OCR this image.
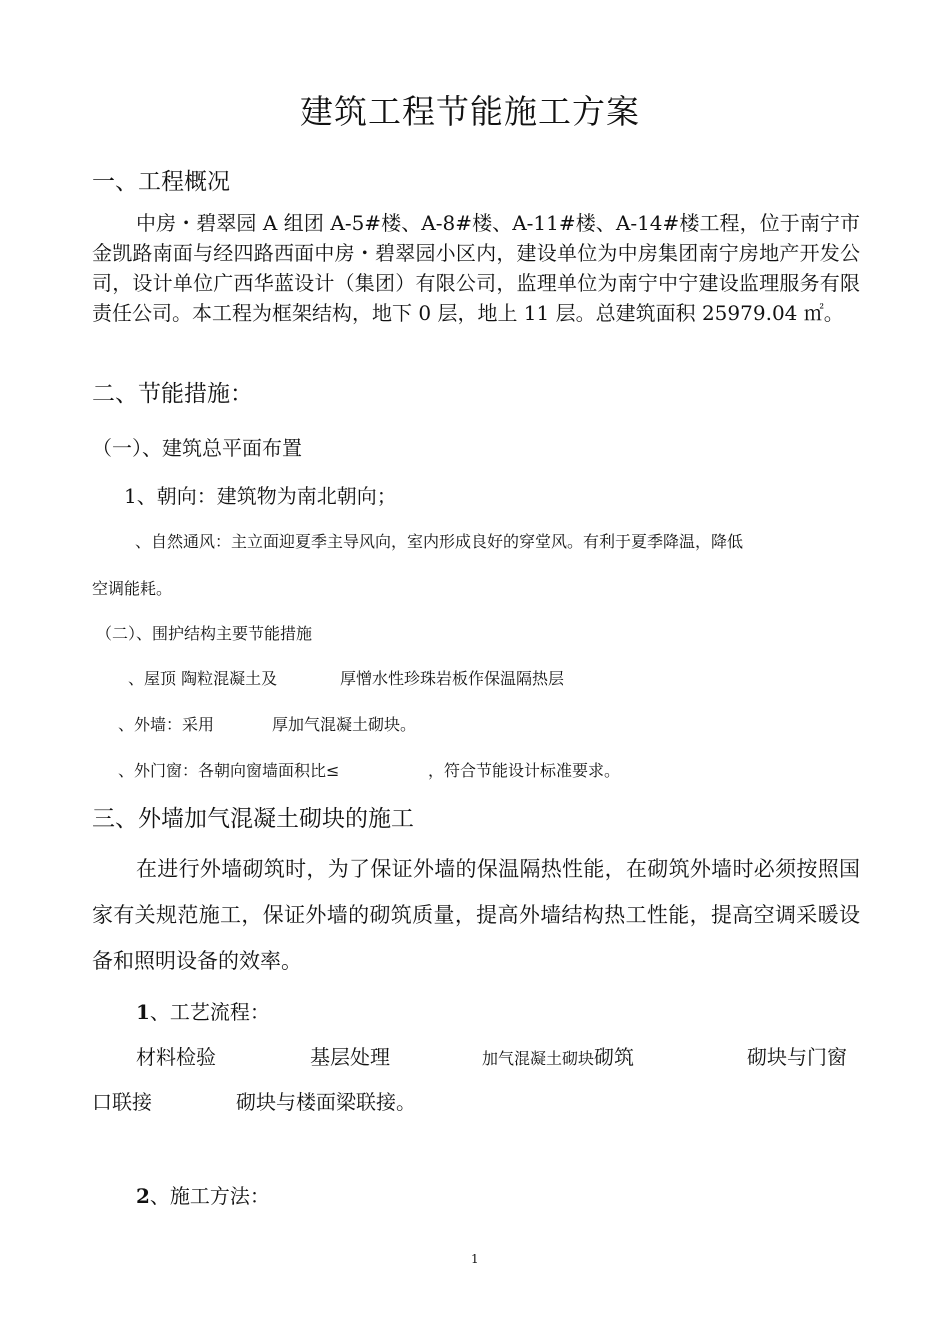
建筑工程节能施工方案
一、工程概况
中房・碧翠园 A 组团 A-5#楼、A-8#楼、A-11#楼、A-14#楼工程，位于南宁市金凯路南面与经四路西面中房・碧翠园小区内，建设单位为中房集团南宁房地产开发公司，设计单位广西华蓝设计（集团）有限公司，监理单位为南宁中宁建设监理服务有限责任公司。本工程为框架结构，地下 0 层，地上 11 层。总建筑面积 25979.04 ㎡。
二、节能措施：
（一）、建筑总平面布置
1、朝向：建筑物为南北朝向；
、自然通风：主立面迎夏季主导风向，室内形成良好的穿堂风。有利于夏季降温，降低
空调能耗。
（二）、围护结构主要节能措施
、屋顶 陶粒混凝土及	厚憎水性珍珠岩板作保温隔热层
、外墙：采用	厚加气混凝土砌块。
、外门窗：各朝向窗墙面积比≤	，符合节能设计标准要求。
三、外墙加气混凝土砌块的施工
在进行外墙砌筑时，为了保证外墙的保温隔热性能，在砌筑外墙时必须按照国家有关规范施工，保证外墙的砌筑质量，提高外墙结构热工性能，提高空调采暖设备和照明设备的效率。
1、工艺流程：
材料检验	基层处理	加气混凝土砌块砌筑	砌块与门窗
口联接	砌块与楼面梁联接。
2、施工方法：
1
